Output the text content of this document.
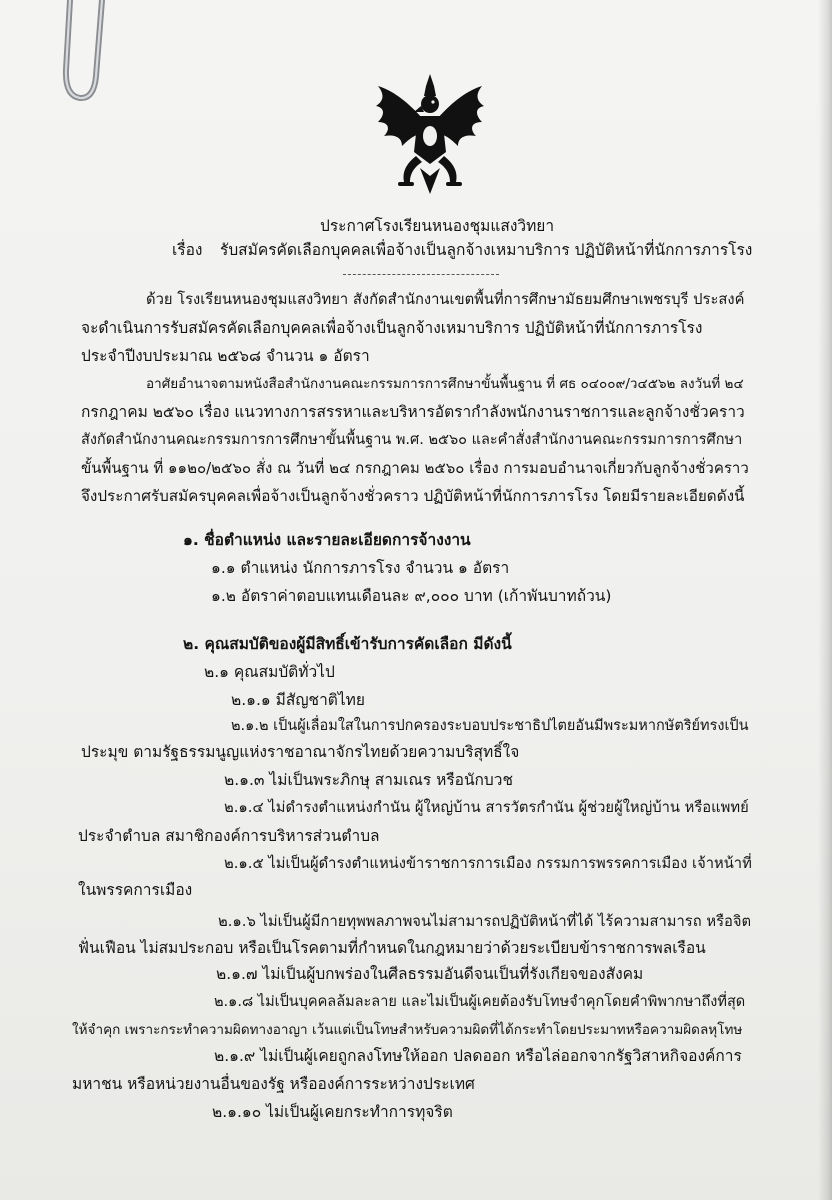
ประกาศโรงเรียนหนองชุมแสงวิทยา
เรื่อง รับสมัครคัดเลือกบุคคลเพื่อจ้างเป็นลูกจ้างเหมาบริการ ปฏิบัติหน้าที่นักการภารโรง
ด้วย โรงเรียนหนองชุมแสงวิทยา สังกัดสำนักงานเขตพื้นที่การศึกษามัธยมศึกษาเพชรบุรี ประสงค์
จะดำเนินการรับสมัครคัดเลือกบุคคลเพื่อจ้างเป็นลูกจ้างเหมาบริการ ปฏิบัติหน้าที่นักการภารโรง
ประจำปีงบประมาณ ๒๕๖๘ จำนวน ๑ อัตรา
อาศัยอำนาจตามหนังสือสำนักงานคณะกรรมการการศึกษาขั้นพื้นฐาน ที่ ศธ ๐๔๐๐๙/ว๔๕๖๒ ลงวันที่ ๒๔
กรกฎาคม ๒๕๖๐ เรื่อง แนวทางการสรรหาและบริหารอัตรากำลังพนักงานราชการและลูกจ้างชั่วคราว
สังกัดสำนักงานคณะกรรมการการศึกษาขั้นพื้นฐาน พ.ศ. ๒๕๖๐ และคำสั่งสำนักงานคณะกรรมการการศึกษา
ขั้นพื้นฐาน ที่ ๑๑๒๐/๒๕๖๐ สั่ง ณ วันที่ ๒๔ กรกฎาคม ๒๕๖๐ เรื่อง การมอบอำนาจเกี่ยวกับลูกจ้างชั่วคราว
จึงประกาศรับสมัครบุคคลเพื่อจ้างเป็นลูกจ้างชั่วคราว ปฏิบัติหน้าที่นักการภารโรง โดยมีรายละเอียดดังนี้
๑. ชื่อตำแหน่ง และรายละเอียดการจ้างงาน
๑.๑ ตำแหน่ง นักการภารโรง จำนวน ๑ อัตรา
๑.๒ อัตราค่าตอบแทนเดือนละ ๙,๐๐๐ บาท (เก้าพันบาทถ้วน)
๒. คุณสมบัติของผู้มีสิทธิ์เข้ารับการคัดเลือก มีดังนี้
๒.๑ คุณสมบัติทั่วไป
๒.๑.๑ มีสัญชาติไทย
๒.๑.๒ เป็นผู้เลื่อมใสในการปกครองระบอบประชาธิปไตยอันมีพระมหากษัตริย์ทรงเป็น
ประมุข ตามรัฐธรรมนูญแห่งราชอาณาจักรไทยด้วยความบริสุทธิ์ใจ
๒.๑.๓ ไม่เป็นพระภิกษุ สามเณร หรือนักบวช
๒.๑.๔ ไม่ดำรงตำแหน่งกำนัน ผู้ใหญ่บ้าน สารวัตรกำนัน ผู้ช่วยผู้ใหญ่บ้าน หรือแพทย์
ประจำตำบล สมาชิกองค์การบริหารส่วนตำบล
๒.๑.๕ ไม่เป็นผู้ดำรงตำแหน่งข้าราชการการเมือง กรรมการพรรคการเมือง เจ้าหน้าที่
ในพรรคการเมือง
๒.๑.๖ ไม่เป็นผู้มีกายทุพพลภาพจนไม่สามารถปฏิบัติหน้าที่ได้ ไร้ความสามารถ หรือจิต
ฟั่นเฟือน ไม่สมประกอบ หรือเป็นโรคตามที่กำหนดในกฎหมายว่าด้วยระเบียบข้าราชการพลเรือน
๒.๑.๗ ไม่เป็นผู้บกพร่องในศีลธรรมอันดีจนเป็นที่รังเกียจของสังคม
๒.๑.๘ ไม่เป็นบุคคลล้มละลาย และไม่เป็นผู้เคยต้องรับโทษจำคุกโดยคำพิพากษาถึงที่สุด
ให้จำคุก เพราะกระทำความผิดทางอาญา เว้นแต่เป็นโทษสำหรับความผิดที่ได้กระทำโดยประมาทหรือความผิดลหุโทษ
๒.๑.๙ ไม่เป็นผู้เคยถูกลงโทษให้ออก ปลดออก หรือไล่ออกจากรัฐวิสาหกิจองค์การ
มหาชน หรือหน่วยงานอื่นของรัฐ หรือองค์การระหว่างประเทศ
๒.๑.๑๐ ไม่เป็นผู้เคยกระทำการทุจริต
